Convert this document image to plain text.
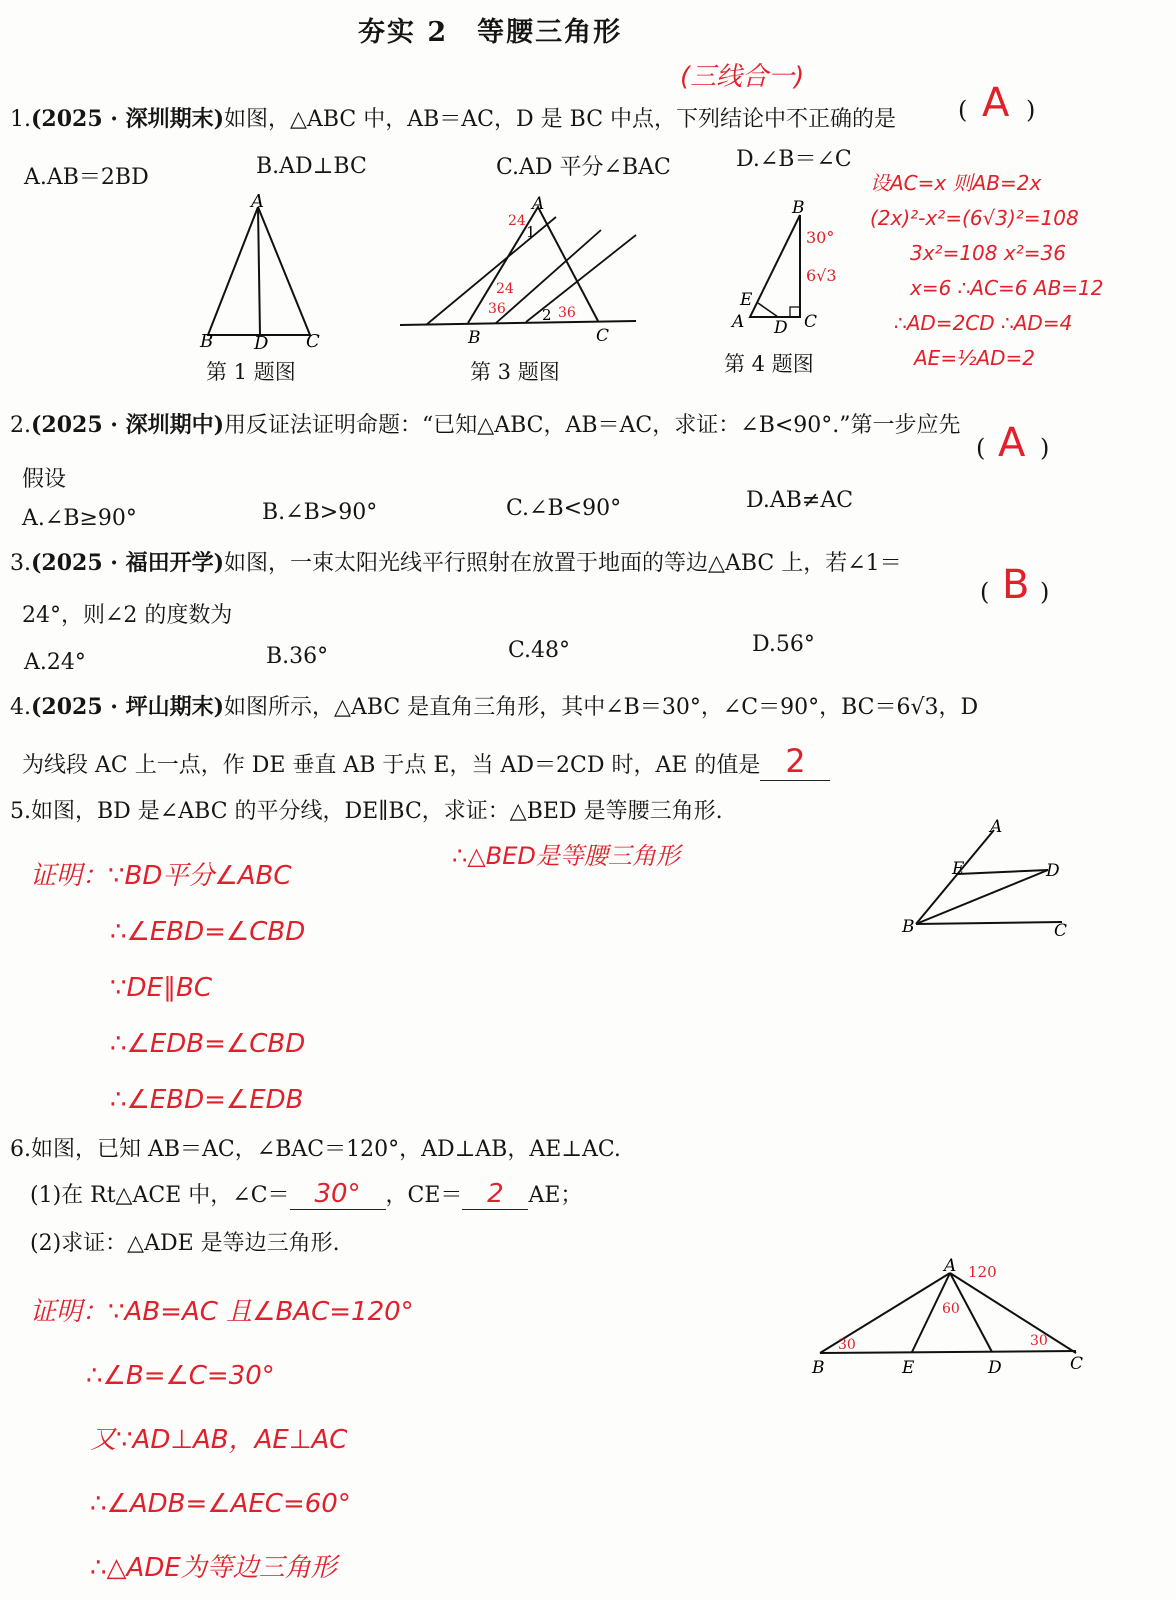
夯实 2　等腰三角形
(三线合一)
1.(2025 · 深圳期末)如图，△ABC 中，AB＝AC，D 是 BC 中点，下列结论中不正确的是	( A )
A.AB＝2BD	B.AD⊥BC	C.AD 平分∠BAC	D.∠B＝∠C
A
B D C
第 1 题图
A
B	C
1
2
24
24
36	36
第 3 题图
B
E
A D C
30°
6√3
第 4 题图
设AC=x 则AB=2x
(2x)²-x²=(6√3)²=108
3x²=108 x²=36
x=6 ∴AC=6 AB=12
∴AD=2CD ∴AD=4
AE=½AD=2
2.(2025 · 深圳期中)用反证法证明命题：“已知△ABC，AB＝AC，求证：∠B<90°.”第一步应先
假设
( A )
A.∠B≥90°	B.∠B>90°	C.∠B<90°	D.AB≠AC
3.(2025 · 福田开学)如图，一束太阳光线平行照射在放置于地面的等边△ABC 上，若∠1＝
24°，则∠2 的度数为
( B )
A.24°	B.36°	C.48°	D.56°
4.(2025 · 坪山期末)如图所示，△ABC 是直角三角形，其中∠B＝30°，∠C＝90°，BC＝6√3，D
为线段 AC 上一点，作 DE 垂直 AB 于点 E，当 AD＝2CD 时，AE 的值是 2
5.如图，BD 是∠ABC 的平分线，DE∥BC，求证：△BED 是等腰三角形.
证明：∵BD平分∠ABC
∴∠EBD=∠CBD
∵DE∥BC
∴∠EDB=∠CBD
∴∠EBD=∠EDB
∴△BED是等腰三角形
A
E	D
B	C
6.如图，已知 AB＝AC，∠BAC＝120°，AD⊥AB，AE⊥AC.
(1)在 Rt△ACE 中，∠C＝ 30° ，CE＝ 2 AE；
(2)求证：△ADE 是等边三角形.
证明：∵AB=AC 且∠BAC=120°
∴∠B=∠C=30°
又∵AD⊥AB，AE⊥AC
∴∠ADB=∠AEC=60°
∴△ADE为等边三角形
A
B	E	D	C
120
60
30	30
